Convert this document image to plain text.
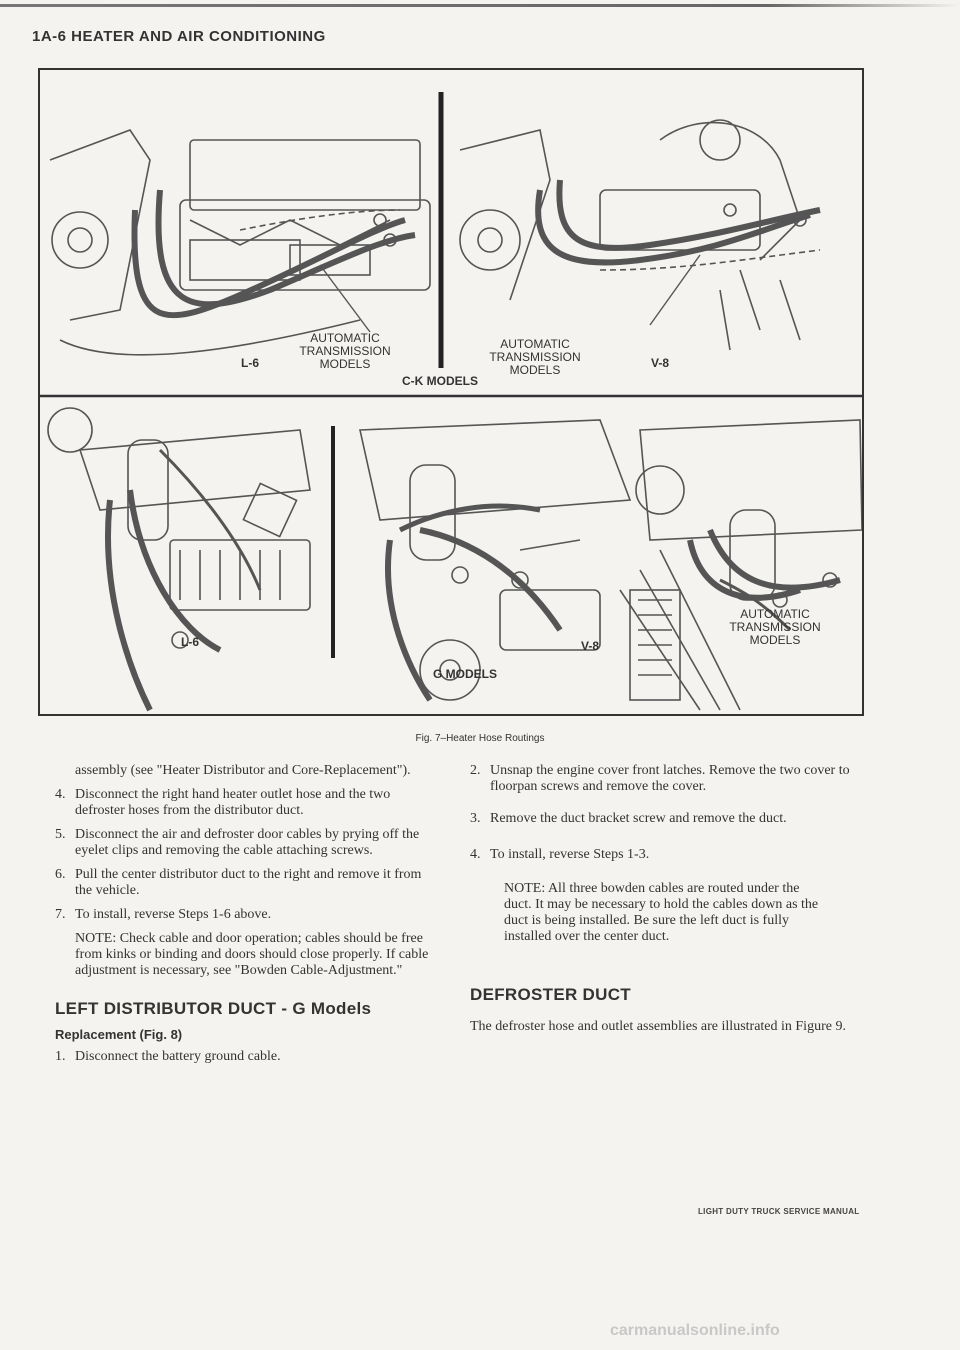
1A-6 HEATER AND AIR CONDITIONING
AUTOMATIC
TRANSMISSION
MODELS
L-6
AUTOMATIC
TRANSMISSION
MODELS	V-8
C-K MODELS
L-6	V-8
G MODELS
AUTOMATIC
TRANSMISSION
MODELS
Fig. 7–Heater Hose Routings

assembly (see "Heater Distributor and Core-Replacement").

4. Disconnect the right hand heater outlet hose and the two defroster hoses from the distributor duct.
5. Disconnect the air and defroster door cables by prying off the eyelet clips and removing the cable attaching screws.
6. Pull the center distributor duct to the right and remove it from the vehicle.
7. To install, reverse Steps 1-6 above.

NOTE: Check cable and door operation; cables should be free from kinks or binding and doors should close properly. If cable adjustment is necessary, see "Bowden Cable-Adjustment."

LEFT DISTRIBUTOR DUCT - G Models
Replacement (Fig. 8)
1. Disconnect the battery ground cable.
2. Unsnap the engine cover front latches. Remove the two cover to floorpan screws and remove the cover.
3. Remove the duct bracket screw and remove the duct.
4. To install, reverse Steps 1-3.

NOTE: All three bowden cables are routed under the duct. It may be necessary to hold the cables down as the duct is being installed. Be sure the left duct is fully installed over the center duct.

DEFROSTER DUCT

The defroster hose and outlet assemblies are illustrated in Figure 9.

LIGHT DUTY TRUCK SERVICE MANUAL
carmanualsonline.info
